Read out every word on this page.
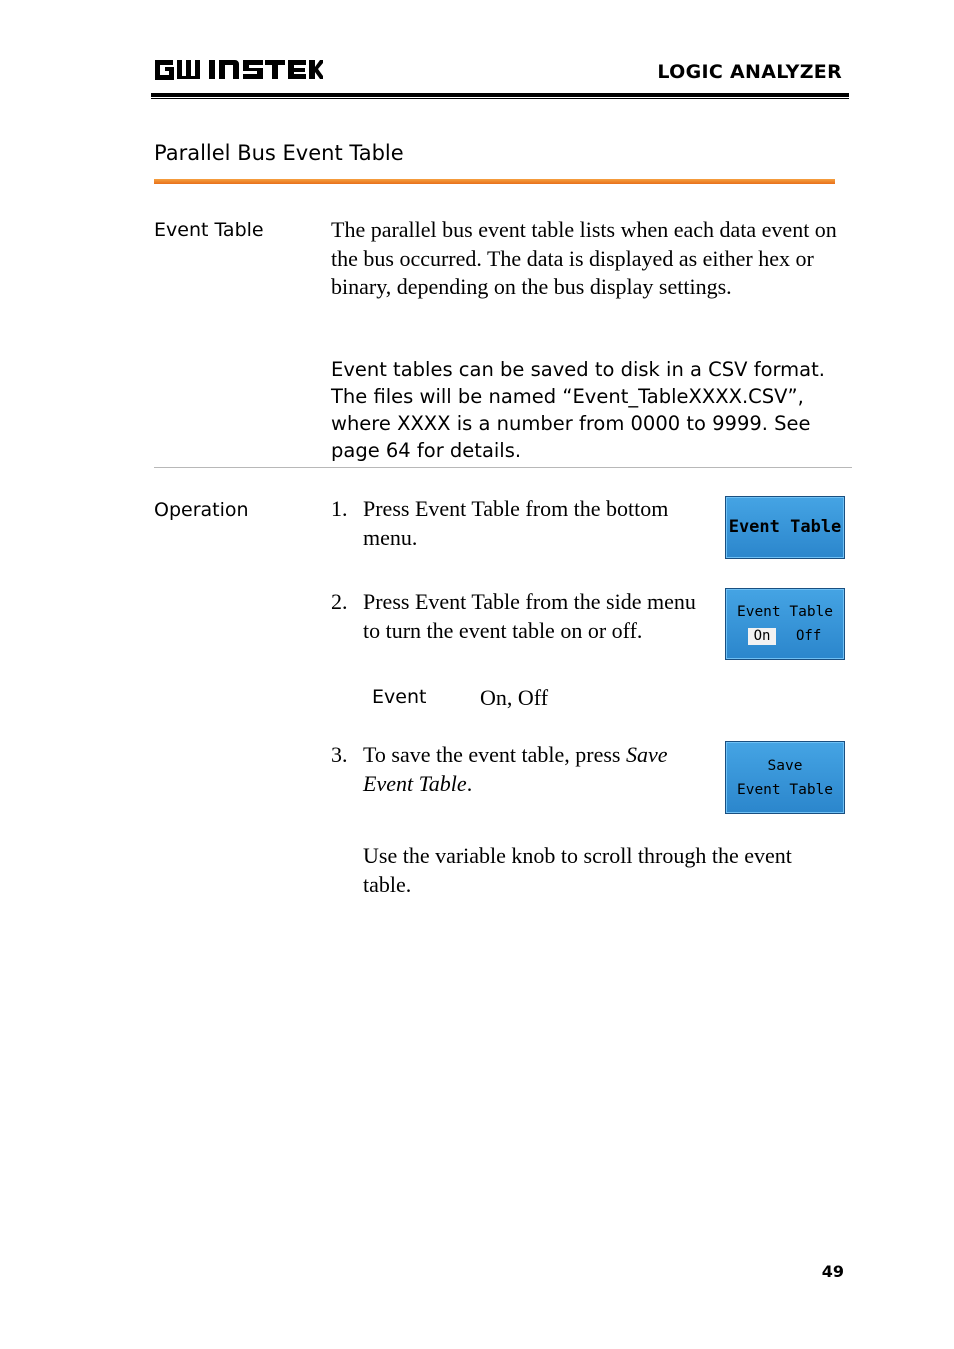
LOGIC ANALYZER
Parallel Bus Event Table
Event Table	The parallel bus event table lists when each data event on the bus occurred. The data is displayed as either hex or binary, depending on the bus display settings.
Event tables can be saved to disk in a CSV format. The files will be named “Event_TableXXXX.CSV”, where XXXX is a number from 0000 to 9999. See page 64 for details.
Operation	1. Press Event Table from the bottom menu.	Event Table
2. Press Event Table from the side menu to turn the event table on or off.
Event Table
On	Off
Event On, Off
3. To save the event table, press Save Event Table.
Save
Event Table
Use the variable knob to scroll through the event table.
49
